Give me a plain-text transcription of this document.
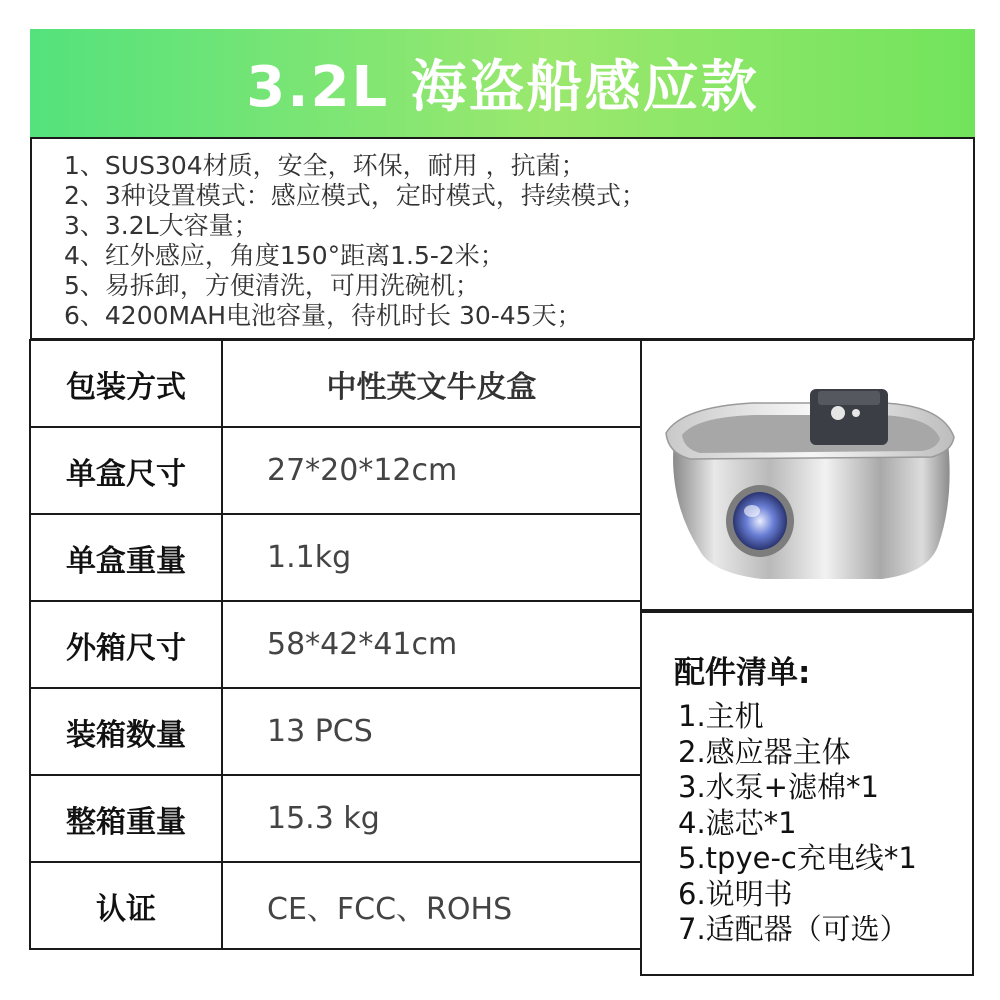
3.2L 海盗船感应款
1、SUS304材质，安全，环保，耐用 ，抗菌；
2、3种设置模式：感应模式，定时模式，持续模式；
3、3.2L大容量；
4、红外感应，角度150°距离1.5-2米；
5、易拆卸，方便清洗，可用洗碗机；
6、4200MAH电池容量，待机时长 30-45天；
包装方式	中性英文牛皮盒
单盒尺寸	27*20*12cm
单盒重量	1.1kg
外箱尺寸	58*42*41cm
装箱数量	13 PCS
整箱重量	15.3 kg
认证	CE、FCC、ROHS
配件清单:
1.主机
2.感应器主体
3.水泵+滤棉*1
4.滤芯*1
5.tpye-c充电线*1
6.说明书
7.适配器（可选）
